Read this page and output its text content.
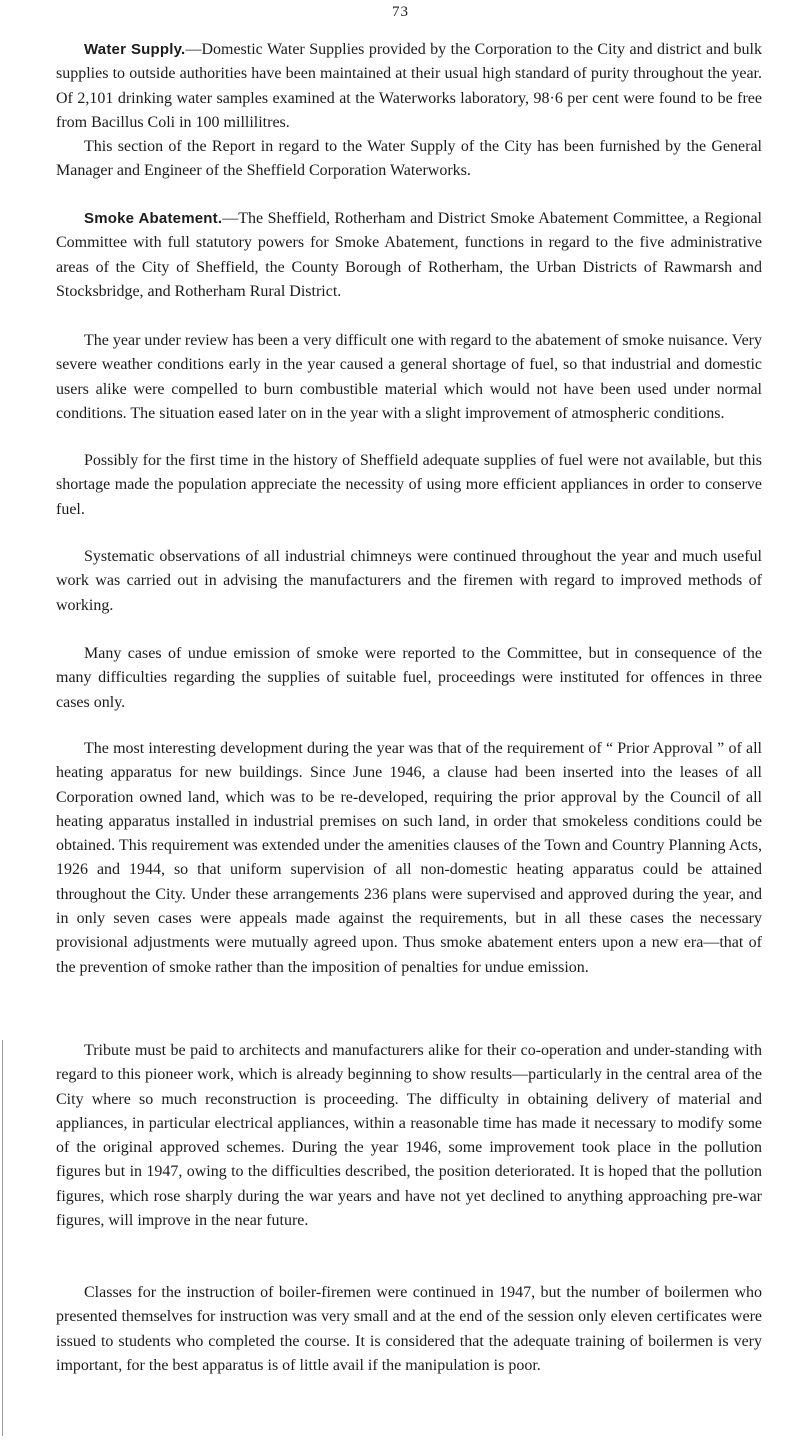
73

Water Supply.—Domestic Water Supplies provided by the Corporation to the City and district and bulk supplies to outside authorities have been maintained at their usual high standard of purity throughout the year. Of 2,101 drinking water samples examined at the Waterworks laboratory, 98·6 per cent were found to be free from Bacillus Coli in 100 millilitres.

This section of the Report in regard to the Water Supply of the City has been furnished by the General Manager and Engineer of the Sheffield Corporation Waterworks.

Smoke Abatement.—The Sheffield, Rotherham and District Smoke Abatement Committee, a Regional Committee with full statutory powers for Smoke Abatement, functions in regard to the five administrative areas of the City of Sheffield, the County Borough of Rotherham, the Urban Districts of Rawmarsh and Stocksbridge, and Rotherham Rural District.

The year under review has been a very difficult one with regard to the abatement of smoke nuisance. Very severe weather conditions early in the year caused a general shortage of fuel, so that industrial and domestic users alike were compelled to burn combustible material which would not have been used under normal conditions. The situation eased later on in the year with a slight improvement of atmospheric conditions.

Possibly for the first time in the history of Sheffield adequate supplies of fuel were not available, but this shortage made the population appreciate the necessity of using more efficient appliances in order to conserve fuel.

Systematic observations of all industrial chimneys were continued throughout the year and much useful work was carried out in advising the manufacturers and the firemen with regard to improved methods of working.

Many cases of undue emission of smoke were reported to the Committee, but in consequence of the many difficulties regarding the supplies of suitable fuel, proceedings were instituted for offences in three cases only.

The most interesting development during the year was that of the requirement of “ Prior Approval ” of all heating apparatus for new buildings. Since June 1946, a clause had been inserted into the leases of all Corporation owned land, which was to be re-developed, requiring the prior approval by the Council of all heating apparatus installed in industrial premises on such land, in order that smokeless conditions could be obtained. This requirement was extended under the amenities clauses of the Town and Country Planning Acts, 1926 and 1944, so that uniform supervision of all non-domestic heating apparatus could be attained throughout the City. Under these arrangements 236 plans were supervised and approved during the year, and in only seven cases were appeals made against the requirements, but in all these cases the necessary provisional adjustments were mutually agreed upon. Thus smoke abatement enters upon a new era—that of the prevention of smoke rather than the imposition of penalties for undue emission.

Tribute must be paid to architects and manufacturers alike for their co-operation and under-standing with regard to this pioneer work, which is already beginning to show results—particularly in the central area of the City where so much reconstruction is proceeding. The difficulty in obtaining delivery of material and appliances, in particular electrical appliances, within a reasonable time has made it necessary to modify some of the original approved schemes. During the year 1946, some improvement took place in the pollution figures but in 1947, owing to the difficulties described, the position deteriorated. It is hoped that the pollution figures, which rose sharply during the war years and have not yet declined to anything approaching pre-war figures, will improve in the near future.

Classes for the instruction of boiler-firemen were continued in 1947, but the number of boilermen who presented themselves for instruction was very small and at the end of the session only eleven certificates were issued to students who completed the course. It is considered that the adequate training of boilermen is very important, for the best apparatus is of little avail if the manipulation is poor.
